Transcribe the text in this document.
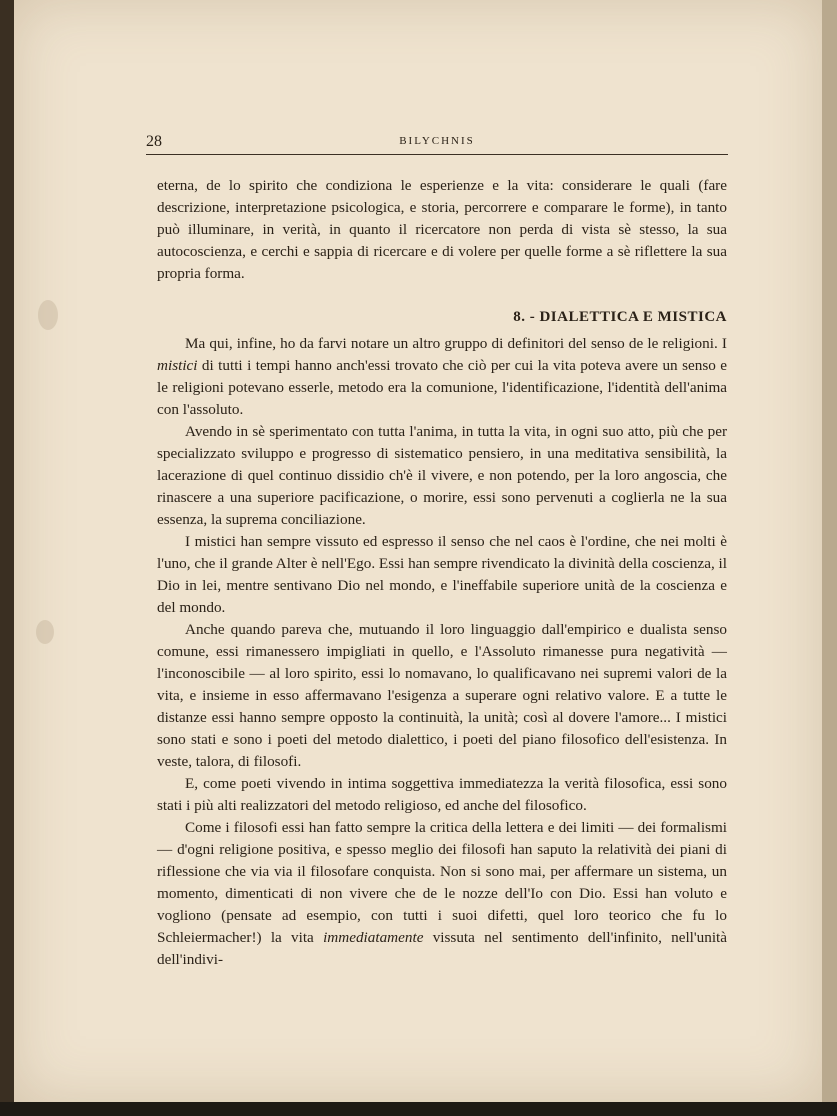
28	BILYCHNIS

eterna, de lo spirito che condiziona le esperienze e la vita: considerare le quali (fare descrizione, interpretazione psicologica, e storia, percorrere e comparare le forme), in tanto può illuminare, in verità, in quanto il ricercatore non perda di vista sè stesso, la sua autocoscienza, e cerchi e sappia di ricercare e di volere per quelle forme a sè riflettere la sua propria forma.

8. - DIALETTICA E MISTICA

Ma qui, infine, ho da farvi notare un altro gruppo di definitori del senso de le religioni. I mistici di tutti i tempi hanno anch'essi trovato che ciò per cui la vita poteva avere un senso e le religioni potevano esserle, metodo era la comunione, l'identificazione, l'identità dell'anima con l'assoluto.

Avendo in sè sperimentato con tutta l'anima, in tutta la vita, in ogni suo atto, più che per specializzato sviluppo e progresso di sistematico pensiero, in una meditativa sensibilità, la lacerazione di quel continuo dissidio ch'è il vivere, e non potendo, per la loro angoscia, che rinascere a una superiore pacificazione, o morire, essi sono pervenuti a coglierla ne la sua essenza, la suprema conciliazione.

I mistici han sempre vissuto ed espresso il senso che nel caos è l'ordine, che nei molti è l'uno, che il grande Alter è nell'Ego. Essi han sempre rivendicato la divinità della coscienza, il Dio in lei, mentre sentivano Dio nel mondo, e l'ineffabile superiore unità de la coscienza e del mondo.

Anche quando pareva che, mutuando il loro linguaggio dall'empirico e dualista senso comune, essi rimanessero impigliati in quello, e l'Assoluto rimanesse pura negatività — l'inconoscibile — al loro spirito, essi lo nomavano, lo qualificavano nei supremi valori de la vita, e insieme in esso affermavano l'esigenza a superare ogni relativo valore. E a tutte le distanze essi hanno sempre opposto la continuità, la unità; così al dovere l'amore... I mistici sono stati e sono i poeti del metodo dialettico, i poeti del piano filosofico dell'esistenza. In veste, talora, di filosofi.

E, come poeti vivendo in intima soggettiva immediatezza la verità filosofica, essi sono stati i più alti realizzatori del metodo religioso, ed anche del filosofico.

Come i filosofi essi han fatto sempre la critica della lettera e dei limiti — dei formalismi — d'ogni religione positiva, e spesso meglio dei filosofi han saputo la relatività dei piani di riflessione che via via il filosofare conquista. Non si sono mai, per affermare un sistema, un momento, dimenticati di non vivere che de le nozze dell'Io con Dio. Essi han voluto e vogliono (pensate ad esempio, con tutti i suoi difetti, quel loro teorico che fu lo Schleiermacher!) la vita immediatamente vissuta nel sentimento dell'infinito, nell'unità dell'indivi-
